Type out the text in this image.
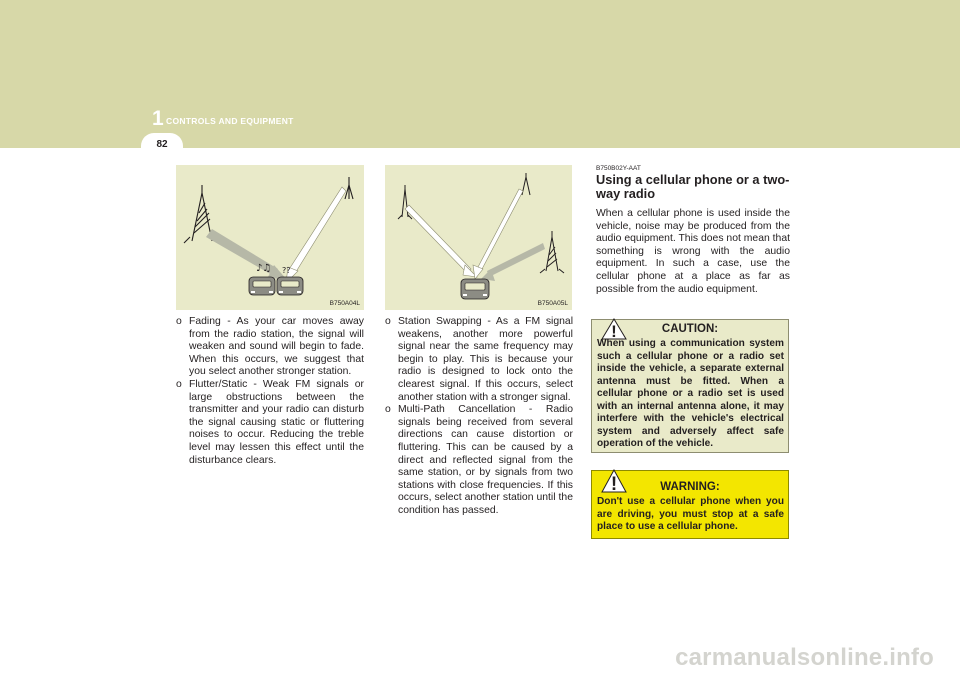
1 CONTROLS AND EQUIPMENT
82
♪♫ ??
B750A04L	B750A05L

o Fading - As your car moves away from the radio station, the signal will weaken and sound will begin to fade. When this occurs, we suggest that you select another stronger station.

o Flutter/Static - Weak FM signals or large obstructions between the transmitter and your radio can disturb the signal causing static or fluttering noises to occur. Reducing the treble level may lessen this effect until the disturbance clears.

o Station Swapping - As a FM signal weakens, another more powerful signal near the same frequency may begin to play. This is because your radio is designed to lock onto the clearest signal. If this occurs, select another station with a stronger signal.

o Multi-Path Cancellation - Radio signals being received from several directions can cause distortion or fluttering. This can be caused by a direct and reflected signal from the same station, or by signals from two stations with close frequencies. If this occurs, select another station until the condition has passed.

B750B02Y-AAT
Using a cellular phone or a two-way radio

When a cellular phone is used inside the vehicle, noise may be produced from the audio equipment. This does not mean that something is wrong with the audio equipment. In such a case, use the cellular phone at a place as far as possible from the audio equipment.

!	CAUTION:

When using a communication system such a cellular phone or a radio set inside the vehicle, a separate external antenna must be fitted. When a cellular phone or a radio set is used with an internal antenna alone, it may interfere with the vehicle's electrical system and adversely affect safe operation of the vehicle.

!	WARNING:

Don't use a cellular phone when you are driving, you must stop at a safe place to use a cellular phone.

carmanualsonline.info
